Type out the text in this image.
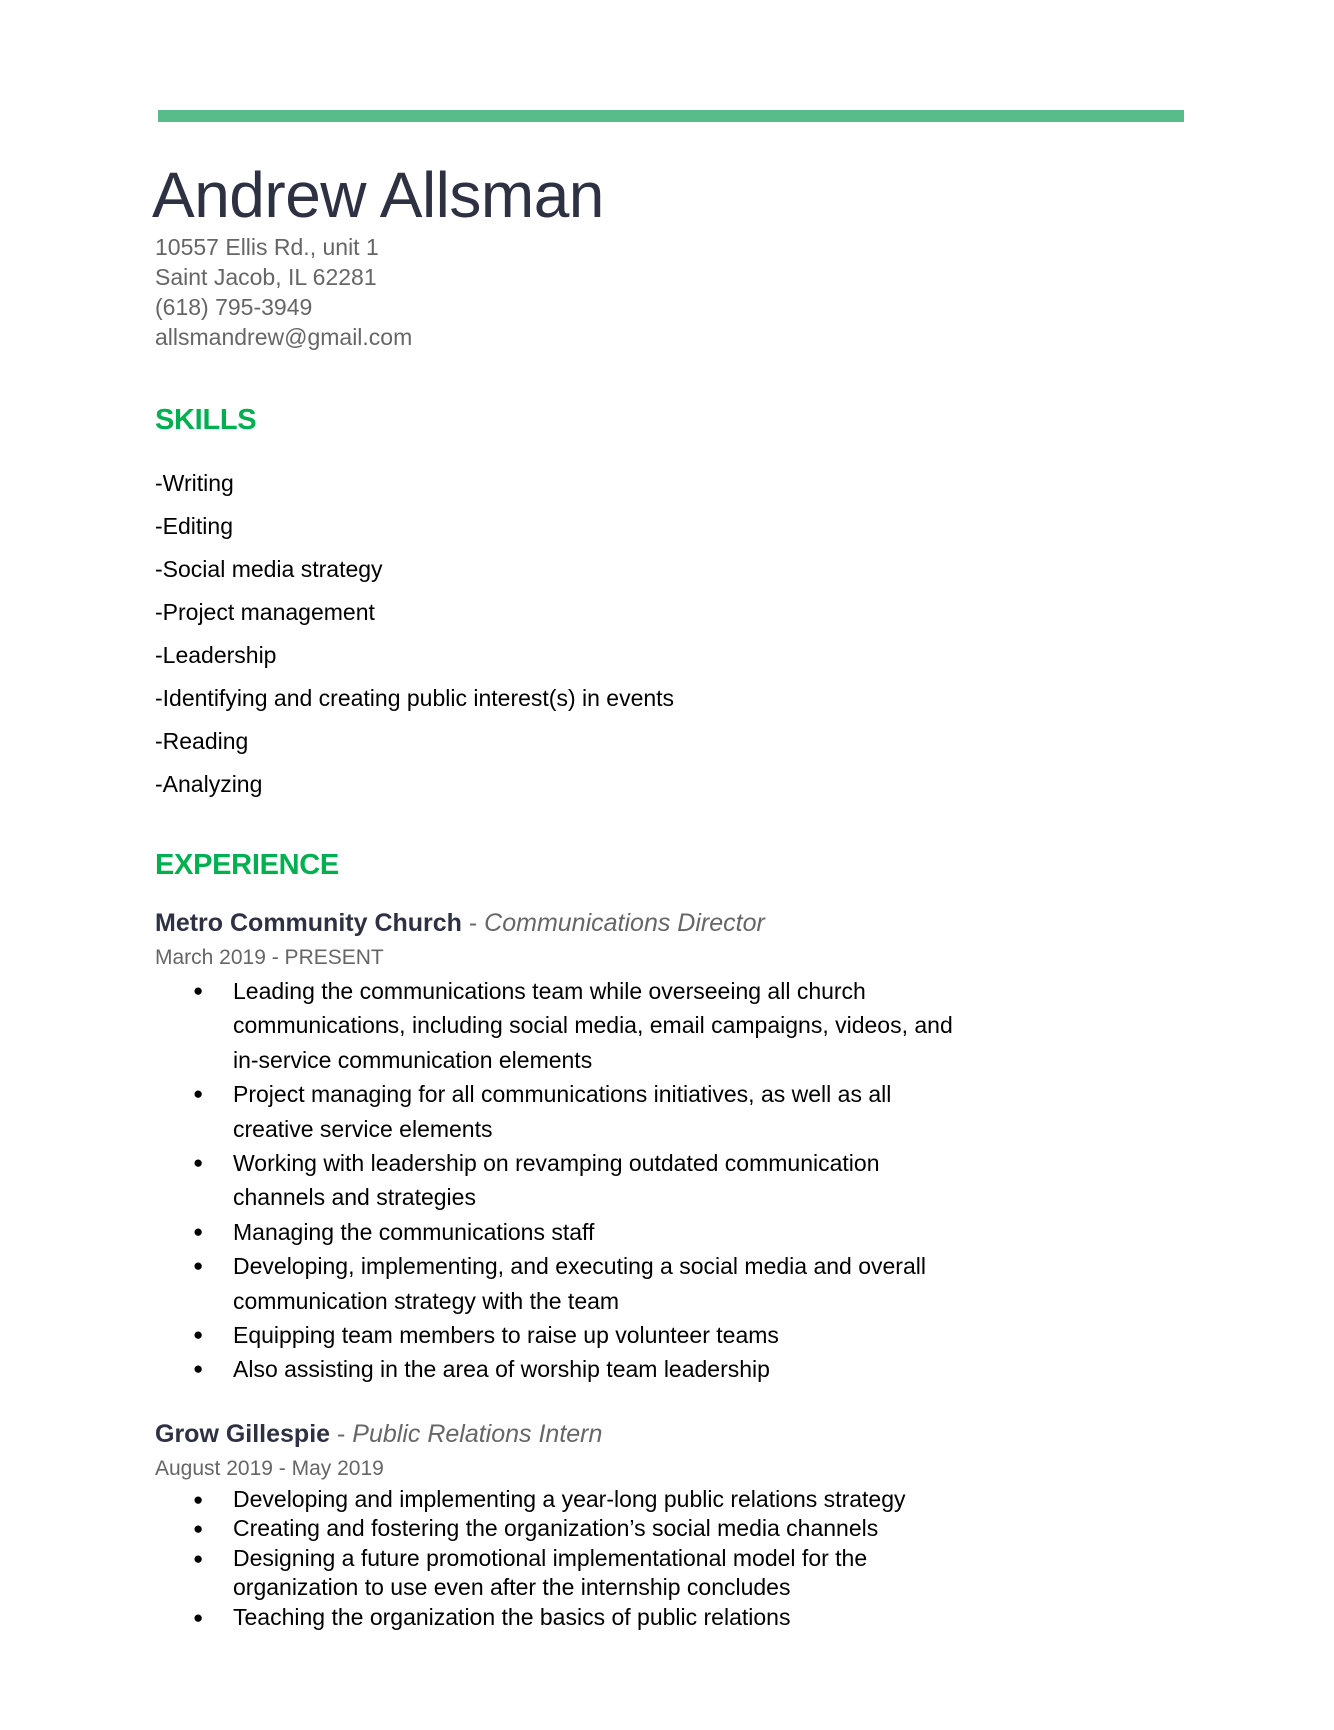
Andrew Allsman
10557 Ellis Rd., unit 1
Saint Jacob, IL 62281
(618) 795-3949
allsmandrew@gmail.com
SKILLS
-Writing
-Editing
-Social media strategy
-Project management
-Leadership
-Identifying and creating public interest(s) in events
-Reading
-Analyzing
EXPERIENCE
Metro Community Church - Communications Director
March 2019 - PRESENT
● Leading the communications team while overseeing all church communications, including social media, email campaigns, videos, and in-service communication elements
● Project managing for all communications initiatives, as well as all creative service elements
● Working with leadership on revamping outdated communication channels and strategies
● Managing the communications staff
● Developing, implementing, and executing a social media and overall communication strategy with the team
● Equipping team members to raise up volunteer teams
● Also assisting in the area of worship team leadership
Grow Gillespie - Public Relations Intern
August 2019 - May 2019
● Developing and implementing a year-long public relations strategy
● Creating and fostering the organization’s social media channels
● Designing a future promotional implementational model for the organization to use even after the internship concludes
● Teaching the organization the basics of public relations
